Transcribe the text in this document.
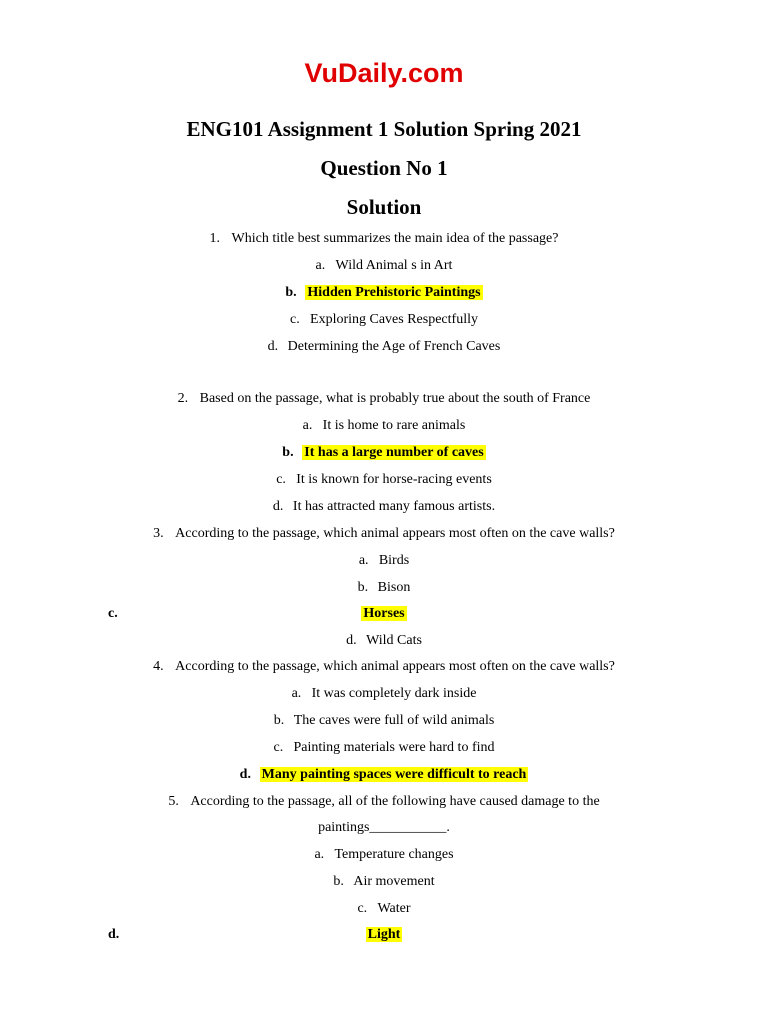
VuDaily.com
ENG101 Assignment 1 Solution Spring 2021
Question No 1
Solution
1. Which title best summarizes the main idea of the passage?
a. Wild Animal s in Art
b. Hidden Prehistoric Paintings
c. Exploring Caves Respectfully
d. Determining the Age of French Caves
2. Based on the passage, what is probably true about the south of France
a. It is home to rare animals
b. It has a large number of caves
c. It is known for horse-racing events
d. It has attracted many famous artists.
3. According to the passage, which animal appears most often on the cave walls?
a. Birds
b. Bison
c.	Horses
d. Wild Cats
4. According to the passage, which animal appears most often on the cave walls?
a. It was completely dark inside
b. The caves were full of wild animals
c. Painting materials were hard to find
d. Many painting spaces were difficult to reach
5. According to the passage, all of the following have caused damage to the
paintings___________.
a. Temperature changes
b. Air movement
c. Water
d.	Light
